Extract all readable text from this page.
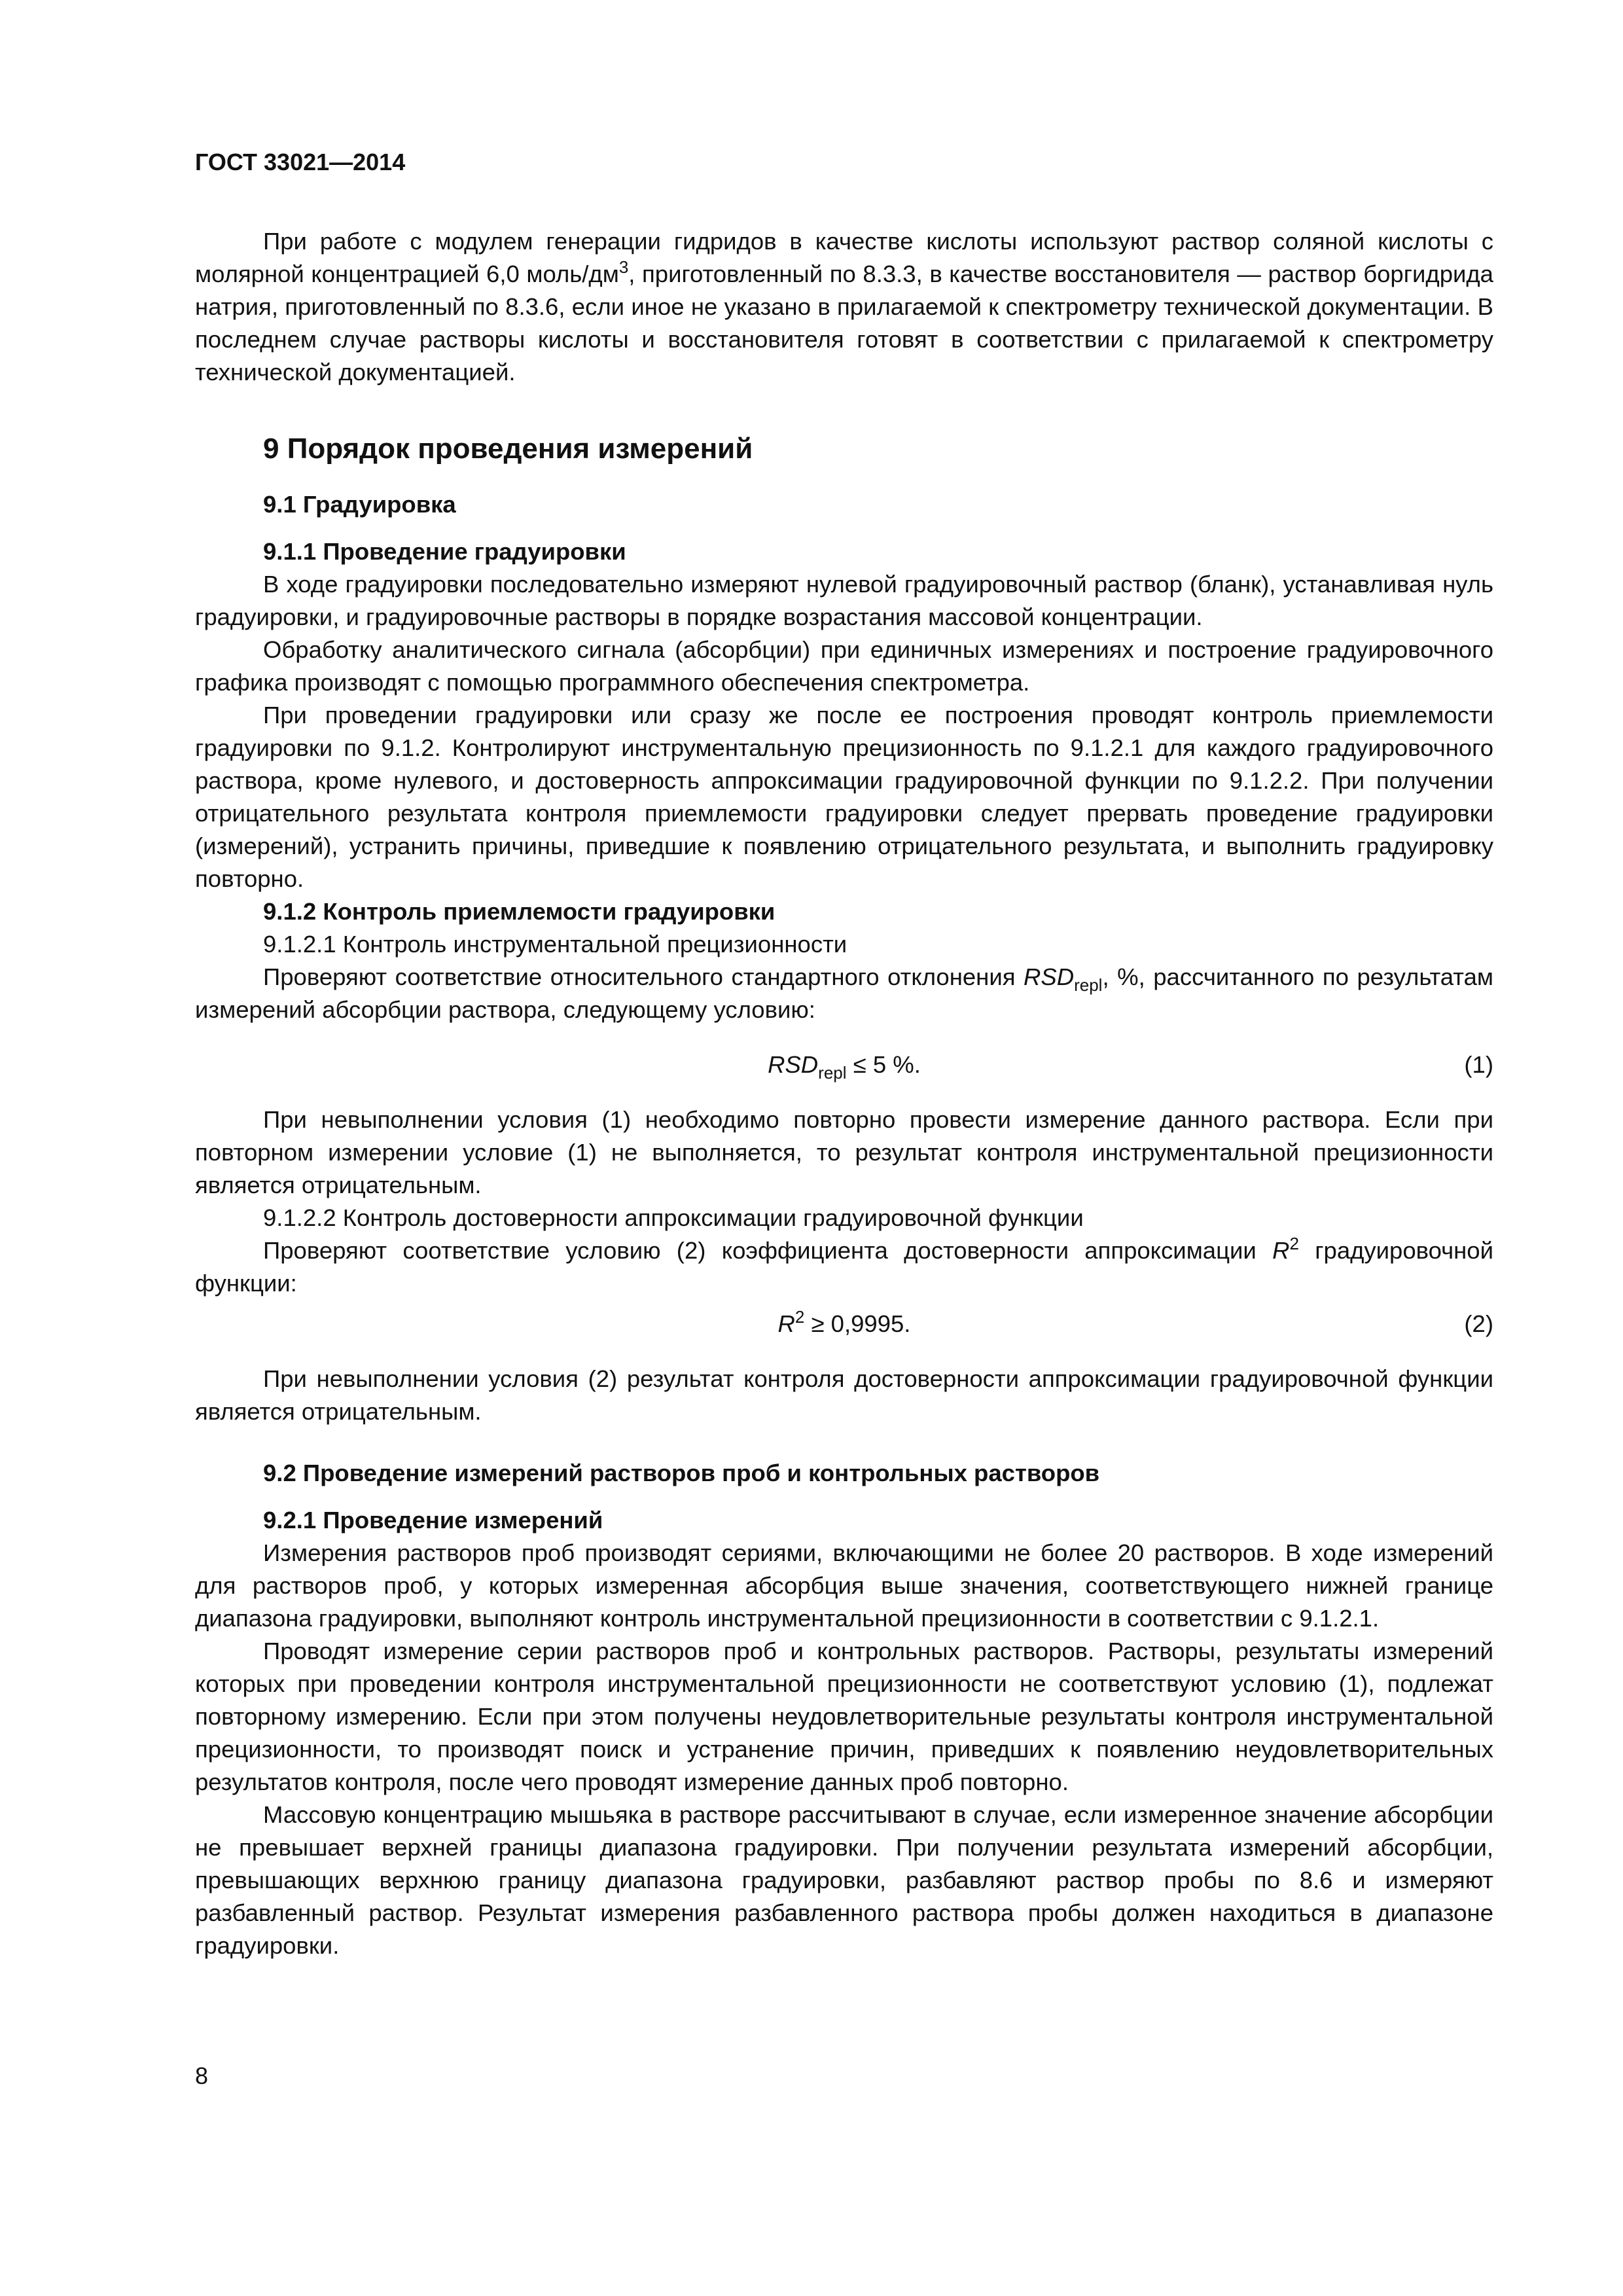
ГОСТ 33021—2014

При работе с модулем генерации гидридов в качестве кислоты используют раствор соляной кислоты с молярной концентрацией 6,0 моль/$дм^3$, приготовленный по 8.3.3, в качестве восстановителя — раствор боргидрида натрия, приготовленный по 8.3.6, если иное не указано в прилагаемой к спектрометру технической документации. В последнем случае растворы кислоты и восстановителя готовят в соответствии с прилагаемой к спектрометру технической документацией.

9 Порядок проведения измерений
9.1 Градуировка
9.1.1 Проведение градуировки

В ходе градуировки последовательно измеряют нулевой градуировочный раствор (бланк), устанавливая нуль градуировки, и градуировочные растворы в порядке возрастания массовой концентрации.

Обработку аналитического сигнала (абсорбции) при единичных измерениях и построение градуировочного графика производят с помощью программного обеспечения спектрометра.

При проведении градуировки или сразу же после ее построения проводят контроль приемлемости градуировки по 9.1.2. Контролируют инструментальную прецизионность по 9.1.2.1 для каждого градуировочного раствора, кроме нулевого, и достоверность аппроксимации градуировочной функции по 9.1.2.2. При получении отрицательного результата контроля приемлемости градуировки следует прервать проведение градуировки (измерений), устранить причины, приведшие к появлению отрицательного результата, и выполнить градуировку повторно.

9.1.2 Контроль приемлемости градуировки

9.1.2.1 Контроль инструментальной прецизионности

Проверяют соответствие относительного стандартного отклонения $RSD_{repl}$, %, рассчитанного по результатам измерений абсорбции раствора, следующему условию:

$RSD_{repl} \le 5$ %.	(1)

При невыполнении условия (1) необходимо повторно провести измерение данного раствора. Если при повторном измерении условие (1) не выполняется, то результат контроля инструментальной прецизионности является отрицательным.

9.1.2.2 Контроль достоверности аппроксимации градуировочной функции

Проверяют соответствие условию (2) коэффициента достоверности аппроксимации $R^2$ градуировочной функции:

$R^2 \ge 0,9995$.	(2)

При невыполнении условия (2) результат контроля достоверности аппроксимации градуировочной функции является отрицательным.

9.2 Проведение измерений растворов проб и контрольных растворов
9.2.1 Проведение измерений

Измерения растворов проб производят сериями, включающими не более 20 растворов. В ходе измерений для растворов проб, у которых измеренная абсорбция выше значения, соответствующего нижней границе диапазона градуировки, выполняют контроль инструментальной прецизионности в соответствии с 9.1.2.1.

Проводят измерение серии растворов проб и контрольных растворов. Растворы, результаты измерений которых при проведении контроля инструментальной прецизионности не соответствуют условию (1), подлежат повторному измерению. Если при этом получены неудовлетворительные результаты контроля инструментальной прецизионности, то производят поиск и устранение причин, приведших к появлению неудовлетворительных результатов контроля, после чего проводят измерение данных проб повторно.

Массовую концентрацию мышьяка в растворе рассчитывают в случае, если измеренное значение абсорбции не превышает верхней границы диапазона градуировки. При получении результата измерений абсорбции, превышающих верхнюю границу диапазона градуировки, разбавляют раствор пробы по 8.6 и измеряют разбавленный раствор. Результат измерения разбавленного раствора пробы должен находиться в диапазоне градуировки.

8
